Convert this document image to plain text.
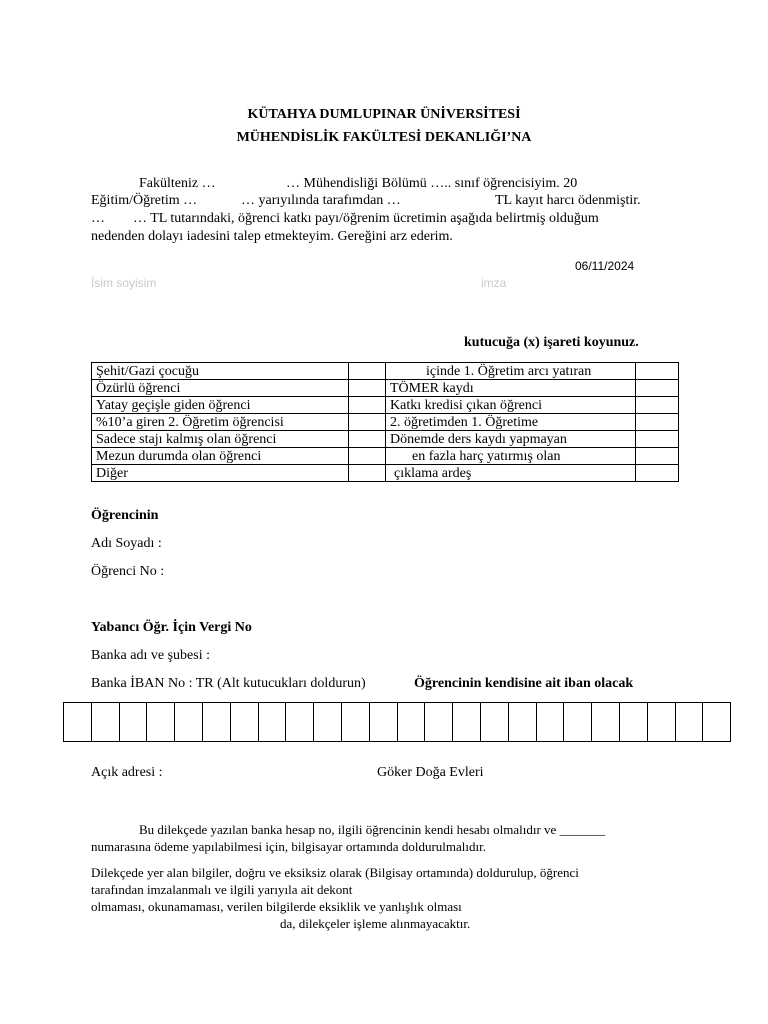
KÜTAHYA DUMLUPINAR ÜNİVERSİTESİ
MÜHENDİSLİK FAKÜLTESİ DEKANLIĞI’NA
Fakülteniz …	… Mühendisliği Bölümü ….. sınıf öğrencisiyim. 20
Eğitim/Öğretim …	… yarıyılında tarafımdan …	TL kayıt harcı ödenmiştir.
… … TL tutarındaki, öğrenci katkı payı/öğrenim ücretimin aşağıda belirtmiş olduğum
nedenden dolayı iadesini talep etmekteyim. Gereğini arz ederim.
06/11/2024
İsim soyisim	imza
kutucuğa (x) işareti koyunuz.
Şehit/Gazi çocuğu		içinde 1. Öğretim arcı yatıran	
Özürlü öğrenci		TÖMER kaydı	
Yatay geçişle giden öğrenci		Katkı kredisi çıkan öğrenci	
%10’a giren 2. Öğretim öğrencisi		2. öğretimden 1. Öğretime	
Sadece stajı kalmış olan öğrenci		Dönemde ders kaydı yapmayan	
Mezun durumda olan öğrenci		en fazla harç yatırmış olan	
Diğer		çıklama ardeş	
Öğrencinin
Adı Soyadı :
Öğrenci No :
Yabancı Öğr. İçin Vergi No
Banka adı ve şubesi :
Banka İBAN No : TR (Alt kutucukları doldurun)	Öğrencinin kendisine ait iban olacak
Açık adresi :	Göker Doğa Evleri
Bu dilekçede yazılan banka hesap no, ilgili öğrencinin kendi hesabı olmalıdır ve _______
numarasına ödeme yapılabilmesi için, bilgisayar ortamında doldurulmalıdır.
Dilekçede yer alan bilgiler, doğru ve eksiksiz olarak (Bilgisay ortamında) doldurulup, öğrenci
tarafından imzalanmalı ve ilgili yarıyıla ait dekont
olmaması, okunamaması, verilen bilgilerde eksiklik ve yanlışlık olması
da, dilekçeler işleme alınmayacaktır.
